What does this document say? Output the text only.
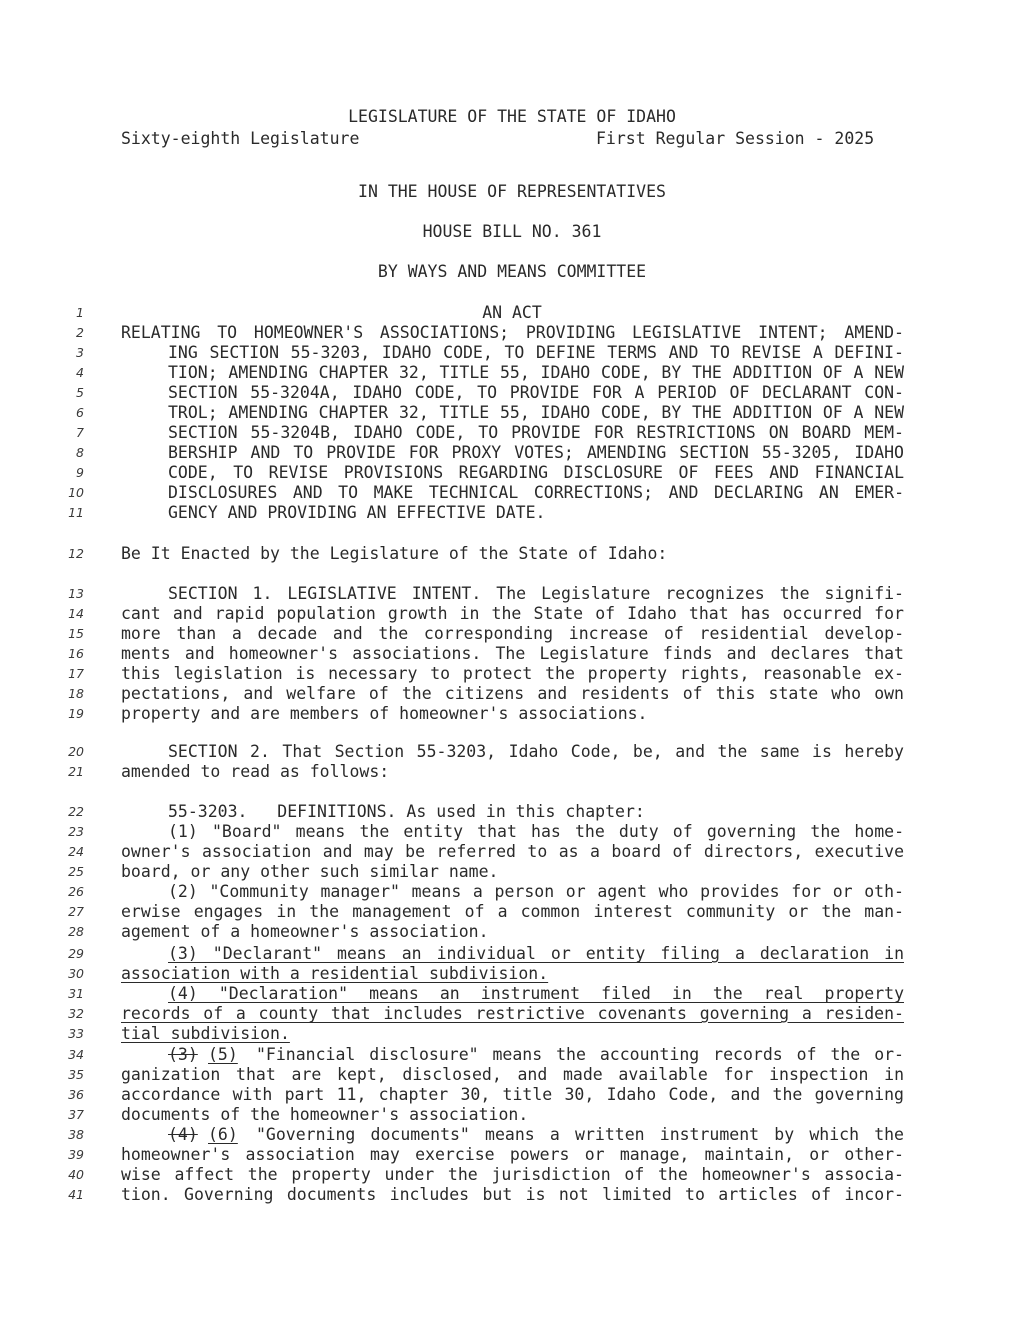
LEGISLATURE OF THE STATE OF IDAHO
Sixty-eighth Legislature	First Regular Session - 2025
IN THE HOUSE OF REPRESENTATIVES
HOUSE BILL NO. 361
BY WAYS AND MEANS COMMITTEE
1	AN ACT
2 RELATING TO HOMEOWNER'S ASSOCIATIONS; PROVIDING LEGISLATIVE INTENT; AMEND-
3	ING SECTION 55-3203, IDAHO CODE, TO DEFINE TERMS AND TO REVISE A DEFINI-
4	TION; AMENDING CHAPTER 32, TITLE 55, IDAHO CODE, BY THE ADDITION OF A NEW
5	SECTION 55-3204A, IDAHO CODE, TO PROVIDE FOR A PERIOD OF DECLARANT CON-
6	TROL; AMENDING CHAPTER 32, TITLE 55, IDAHO CODE, BY THE ADDITION OF A NEW
7	SECTION 55-3204B, IDAHO CODE, TO PROVIDE FOR RESTRICTIONS ON BOARD MEM-
8	BERSHIP AND TO PROVIDE FOR PROXY VOTES; AMENDING SECTION 55-3205, IDAHO
9	CODE, TO REVISE PROVISIONS REGARDING DISCLOSURE OF FEES AND FINANCIAL
10	DISCLOSURES AND TO MAKE TECHNICAL CORRECTIONS; AND DECLARING AN EMER-
11	GENCY AND PROVIDING AN EFFECTIVE DATE.
12 Be It Enacted by the Legislature of the State of Idaho:
13	SECTION 1. LEGISLATIVE INTENT. The Legislature recognizes the signifi-
14 cant and rapid population growth in the State of Idaho that has occurred for
15 more than a decade and the corresponding increase of residential develop-
16 ments and homeowner's associations. The Legislature finds and declares that
17 this legislation is necessary to protect the property rights, reasonable ex-
18 pectations, and welfare of the citizens and residents of this state who own
19 property and are members of homeowner's associations.
20	SECTION 2. That Section 55-3203, Idaho Code, be, and the same is hereby
21 amended to read as follows:
22	55-3203.   DEFINITIONS. As used in this chapter:
23	(1) "Board" means the entity that has the duty of governing the home-
24 owner's association and may be referred to as a board of directors, executive
25 board, or any other such similar name.
26	(2) "Community manager" means a person or agent who provides for or oth-
27 erwise engages in the management of a common interest community or the man-
28 agement of a homeowner's association.
29	(3) "Declarant" means an individual or entity filing a declaration in
30 association with a residential subdivision.
31	(4) "Declaration" means an instrument filed in the real property
32 records of a county that includes restrictive covenants governing a residen-
33 tial subdivision.
34	(3) (5) "Financial disclosure" means the accounting records of the or-
35 ganization that are kept, disclosed, and made available for inspection in
36 accordance with part 11, chapter 30, title 30, Idaho Code, and the governing
37 documents of the homeowner's association.
38	(4) (6) "Governing documents" means a written instrument by which the
39 homeowner's association may exercise powers or manage, maintain, or other-
40 wise affect the property under the jurisdiction of the homeowner's associa-
41 tion. Governing documents includes but is not limited to articles of incor-
